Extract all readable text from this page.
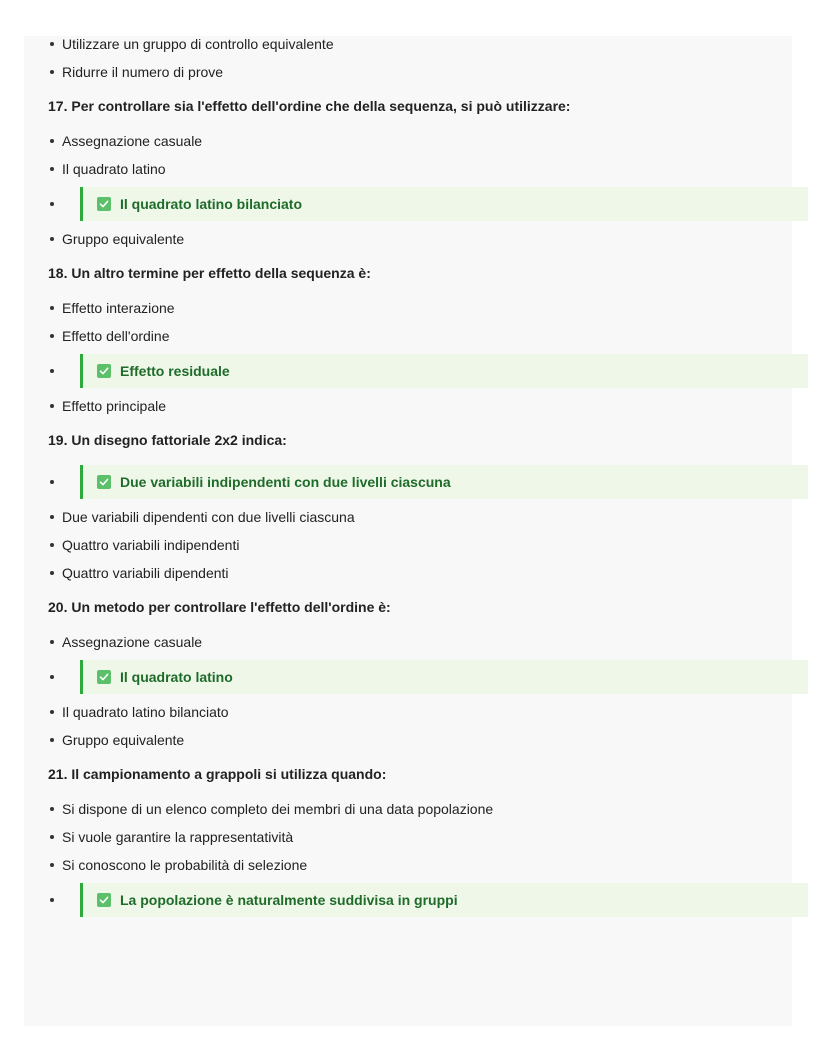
Utilizzare un gruppo di controllo equivalente
Ridurre il numero di prove
17. Per controllare sia l'effetto dell'ordine che della sequenza, si può utilizzare:
Assegnazione casuale
Il quadrato latino
Il quadrato latino bilanciato
Gruppo equivalente
18. Un altro termine per effetto della sequenza è:
Effetto interazione
Effetto dell'ordine
Effetto residuale
Effetto principale
19. Un disegno fattoriale 2x2 indica:
Due variabili indipendenti con due livelli ciascuna
Due variabili dipendenti con due livelli ciascuna
Quattro variabili indipendenti
Quattro variabili dipendenti
20. Un metodo per controllare l'effetto dell'ordine è:
Assegnazione casuale
Il quadrato latino
Il quadrato latino bilanciato
Gruppo equivalente
21. Il campionamento a grappoli si utilizza quando:
Si dispone di un elenco completo dei membri di una data popolazione
Si vuole garantire la rappresentatività
Si conoscono le probabilità di selezione
La popolazione è naturalmente suddivisa in gruppi
